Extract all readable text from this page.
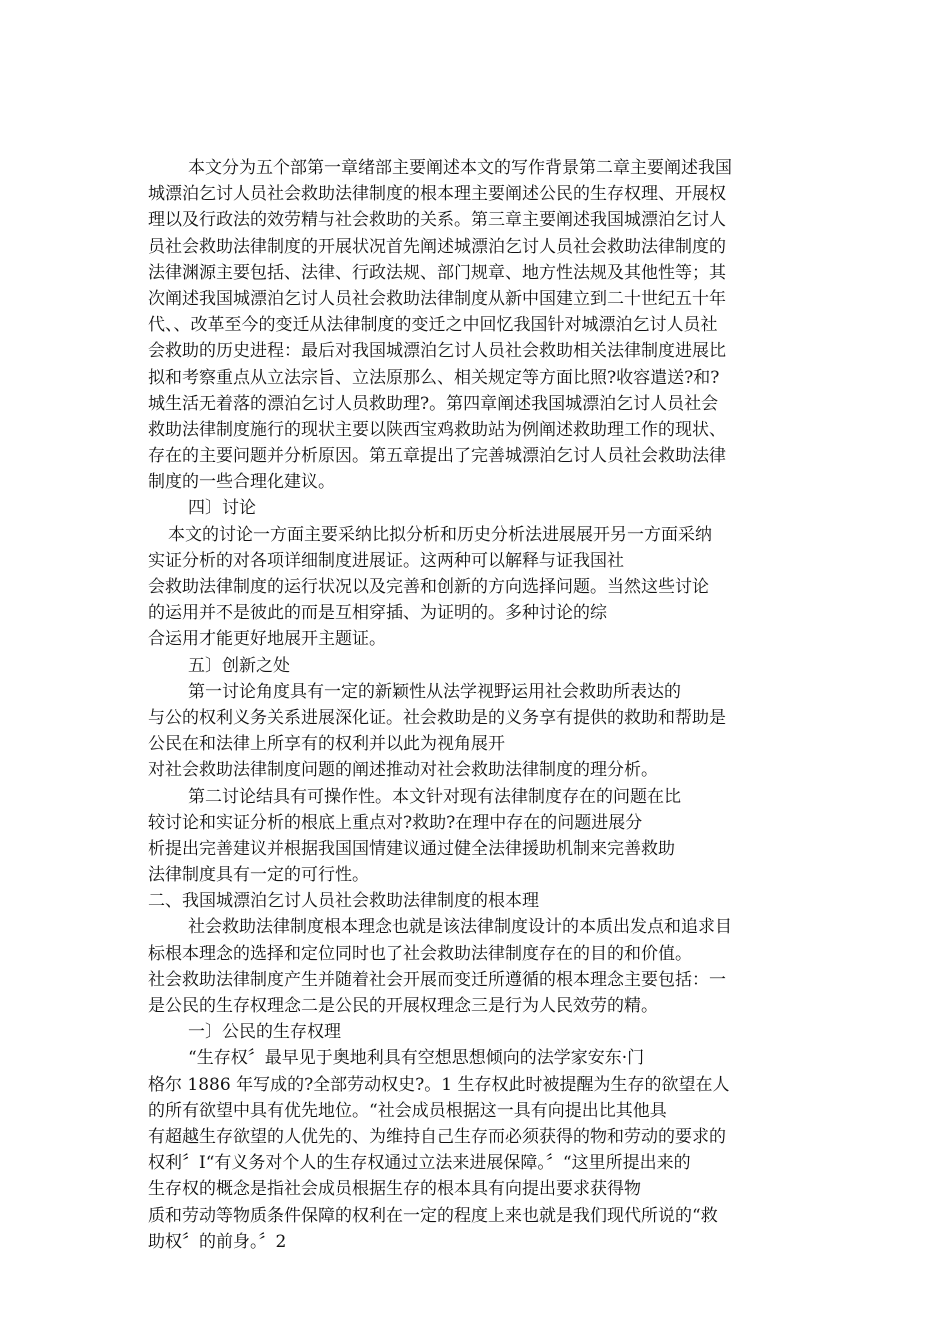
本文分为五个部第一章绪部主要阐述本文的写作背景第二章主要阐述我国
城漂泊乞讨人员社会救助法律制度的根本理主要阐述公民的生存权理、开展权
理以及行政法的效劳精与社会救助的关系。第三章主要阐述我国城漂泊乞讨人
员社会救助法律制度的开展状况首先阐述城漂泊乞讨人员社会救助法律制度的
法律渊源主要包括、法律、行政法规、部门规章、地方性法规及其他性等；其
次阐述我国城漂泊乞讨人员社会救助法律制度从新中国建立到二十世纪五十年
代、、改革至今的变迁从法律制度的变迁之中回忆我国针对城漂泊乞讨人员社
会救助的历史进程：最后对我国城漂泊乞讨人员社会救助相关法律制度进展比
拟和考察重点从立法宗旨、立法原那么、相关规定等方面比照?收容遣送?和?
城生活无着落的漂泊乞讨人员救助理?。第四章阐述我国城漂泊乞讨人员社会
救助法律制度施行的现状主要以陕西宝鸡救助站为例阐述救助理工作的现状、
存在的主要问题并分析原因。第五章提出了完善城漂泊乞讨人员社会救助法律
制度的一些合理化建议。
四〕讨论
本文的讨论一方面主要采纳比拟分析和历史分析法进展展开另一方面采纳
实证分析的对各项详细制度进展证。这两种可以解释与证我国社
会救助法律制度的运行状况以及完善和创新的方向选择问题。当然这些讨论
的运用并不是彼此的而是互相穿插、为证明的。多种讨论的综
合运用才能更好地展开主题证。
五〕创新之处
第一讨论角度具有一定的新颖性从法学视野运用社会救助所表达的
与公的权利义务关系进展深化证。社会救助是的义务享有提供的救助和帮助是
公民在和法律上所享有的权利并以此为视角展开
对社会救助法律制度问题的阐述推动对社会救助法律制度的理分析。
第二讨论结具有可操作性。本文针对现有法律制度存在的问题在比
较讨论和实证分析的根底上重点对?救助?在理中存在的问题进展分
析提出完善建议并根据我国国情建议通过健全法律援助机制来完善救助
法律制度具有一定的可行性。
二、我国城漂泊乞讨人员社会救助法律制度的根本理
社会救助法律制度根本理念也就是该法律制度设计的本质出发点和追求目
标根本理念的选择和定位同时也了社会救助法律制度存在的目的和价值。
社会救助法律制度产生并随着社会开展而变迁所遵循的根本理念主要包括：一
是公民的生存权理念二是公民的开展权理念三是行为人民效劳的精。
一〕公民的生存权理
“生存权〞最早见于奥地利具有空想思想倾向的法学家安东·门
格尔 1886 年写成的?全部劳动权史?。1 生存权此时被提醒为生存的欲望在人
的所有欲望中具有优先地位。“社会成员根据这一具有向提出比其他具
有超越生存欲望的人优先的、为维持自己生存而必须获得的物和劳动的要求的
权利〞I“有义务对个人的生存权通过立法来进展保障。〞“这里所提出来的
生存权的概念是指社会成员根据生存的根本具有向提出要求获得物
质和劳动等物质条件保障的权利在一定的程度上来也就是我们现代所说的“救
助权〞的前身。〞2
